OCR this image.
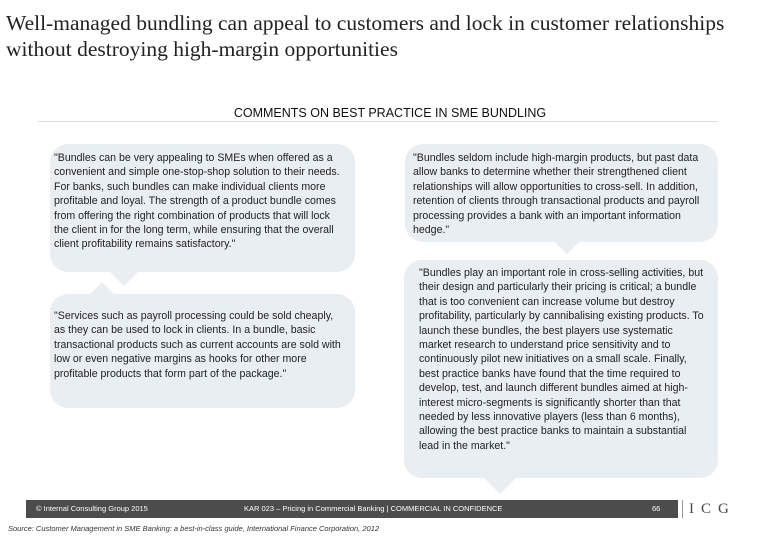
Well-managed bundling can appeal to customers and lock in customer relationships without destroying high-margin opportunities
COMMENTS ON BEST PRACTICE IN SME BUNDLING
"Bundles can be very appealing to SMEs when offered as a convenient and simple one-stop-shop solution to their needs. For banks, such bundles can make individual clients more profitable and loyal. The strength of a product bundle comes from offering the right combination of products that will lock the client in for the long term, while ensuring that the overall client profitability remains satisfactory."
"Services such as payroll processing could be sold cheaply, as they can be used to lock in clients. In a bundle, basic transactional products such as current accounts are sold with low or even negative margins as hooks for other more profitable products that form part of the package."
"Bundles seldom include high-margin products, but past data allow banks to determine whether their strengthened client relationships will allow opportunities to cross-sell. In addition, retention of clients through transactional products and payroll processing provides a bank with an important information hedge."
"Bundles play an important role in cross-selling activities, but their design and particularly their pricing is critical; a bundle that is too convenient can increase volume but destroy profitability, particularly by cannibalising existing products. To launch these bundles, the best players use systematic market research to understand price sensitivity and to continuously pilot new initiatives on a small scale. Finally, best practice banks have found that the time required to develop, test, and launch different bundles aimed at high-interest micro-segments is significantly shorter than that needed by less innovative players (less than 6 months), allowing the best practice banks to maintain a substantial lead in the market."
© Internal Consulting Group 2015	KAR 023 – Pricing in Commercial Banking | COMMERCIAL IN CONFIDENCE	66	ICG
Source: Customer Management in SME Banking: a best-in-class guide, International Finance Corporation, 2012
